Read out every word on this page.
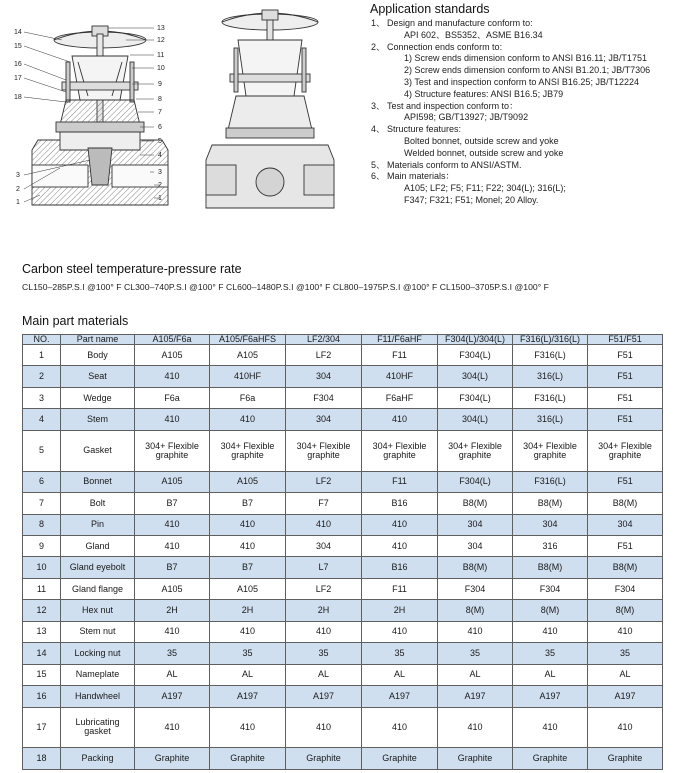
14
15
16
17
18
3
2
1
13
12
11
10
9
8
7
6
5
4
3
2
1
Application standards
1、 Design and manufacture conform to:
API 602、BS5352、ASME B16.34
2、 Connection ends conform to:
1) Screw ends dimension conform to ANSI B16.11; JB/T1751
2) Screw ends dimension conform to ANSI B1.20.1; JB/T7306
3) Test and inspection conform to ANSI B16.25; JB/T12224
4) Structure features: ANSI B16.5; JB79
3、 Test and inspection conform to：
API598; GB/T13927; JB/T9092
4、 Structure features:
Bolted bonnet, outside screw and yoke
Welded bonnet, outside screw and yoke
5、 Materials conform to ANSI/ASTM.
6、 Main materials：
A105; LF2; F5; F11; F22; 304(L); 316(L);
F347; F321; F51; Monel; 20 Alloy.
Carbon steel temperature-pressure rate
CL150–285P.S.I @100° F CL300–740P.S.I @100° F CL600–1480P.S.I @100° F CL800–1975P.S.I @100° F CL1500–3705P.S.I @100° F
Main part materials
NO.	Part name	A105/F6a	A105/F6aHFS	LF2/304	F11/F6aHF	F304(L)/304(L)	F316(L)/316(L)	F51/F51
1	Body	A105	A105	LF2	F11	F304(L)	F316(L)	F51
2	Seat	410	410HF	304	410HF	304(L)	316(L)	F51
3	Wedge	F6a	F6a	F304	F6aHF	F304(L)	F316(L)	F51
4	Stem	410	410	304	410	304(L)	316(L)	F51
5	Gasket	304+ Flexible graphite	304+ Flexible graphite	304+ Flexible graphite	304+ Flexible graphite	304+ Flexible graphite	304+ Flexible graphite	304+ Flexible graphite
6	Bonnet	A105	A105	LF2	F11	F304(L)	F316(L)	F51
7	Bolt	B7	B7	F7	B16	B8(M)	B8(M)	B8(M)
8	Pin	410	410	410	410	304	304	304
9	Gland	410	410	304	410	304	316	F51
10	Gland eyebolt	B7	B7	L7	B16	B8(M)	B8(M)	B8(M)
11	Gland flange	A105	A105	LF2	F11	F304	F304	F304
12	Hex nut	2H	2H	2H	2H	8(M)	8(M)	8(M)
13	Stem nut	410	410	410	410	410	410	410
14	Locking nut	35	35	35	35	35	35	35
15	Nameplate	AL	AL	AL	AL	AL	AL	AL
16	Handwheel	A197	A197	A197	A197	A197	A197	A197
17	Lubricating gasket	410	410	410	410	410	410	410
18	Packing	Graphite	Graphite	Graphite	Graphite	Graphite	Graphite	Graphite
